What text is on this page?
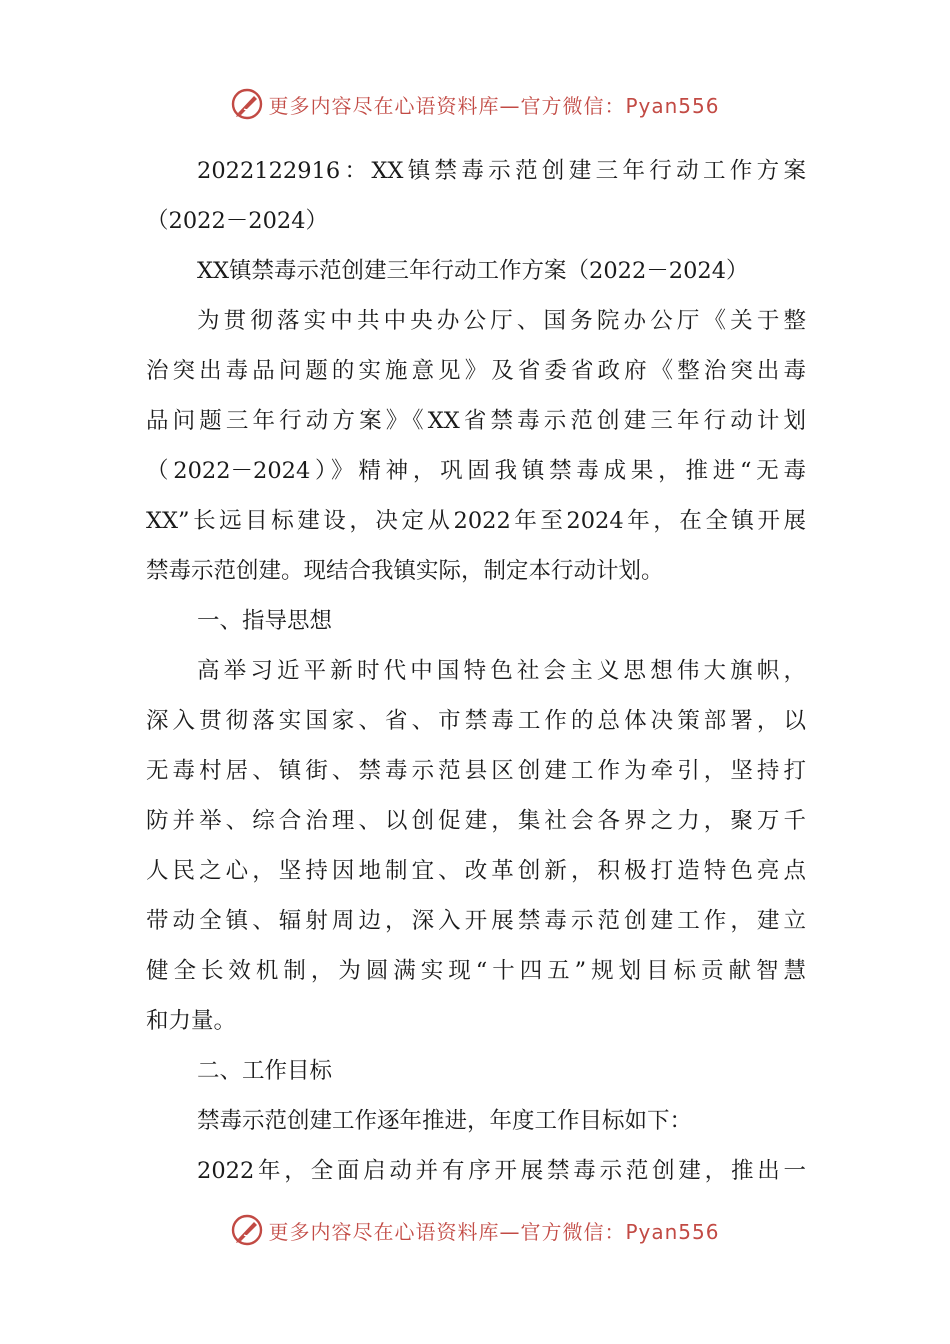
更多内容尽在心语资料库—官方微信：Pyan556
2022122916：XX镇禁毒示范创建三年行动工作方案
（2022－2024）
XX镇禁毒示范创建三年行动工作方案（2022－2024）
为贯彻落实中共中央办公厅、国务院办公厅《关于整
治突出毒品问题的实施意见》及省委省政府《整治突出毒
品问题三年行动方案》《XX省禁毒示范创建三年行动计划
（2022－2024）》精神，巩固我镇禁毒成果，推进“无毒
XX”长远目标建设，决定从2022年至2024年，在全镇开展
禁毒示范创建。现结合我镇实际，制定本行动计划。
一、指导思想
高举习近平新时代中国特色社会主义思想伟大旗帜，
深入贯彻落实国家、省、市禁毒工作的总体决策部署，以
无毒村居、镇街、禁毒示范县区创建工作为牵引，坚持打
防并举、综合治理、以创促建，集社会各界之力，聚万千
人民之心，坚持因地制宜、改革创新，积极打造特色亮点
带动全镇、辐射周边，深入开展禁毒示范创建工作，建立
健全长效机制，为圆满实现“十四五”规划目标贡献智慧
和力量。
二、工作目标
禁毒示范创建工作逐年推进，年度工作目标如下：
2022年，全面启动并有序开展禁毒示范创建，推出一
更多内容尽在心语资料库—官方微信：Pyan556
